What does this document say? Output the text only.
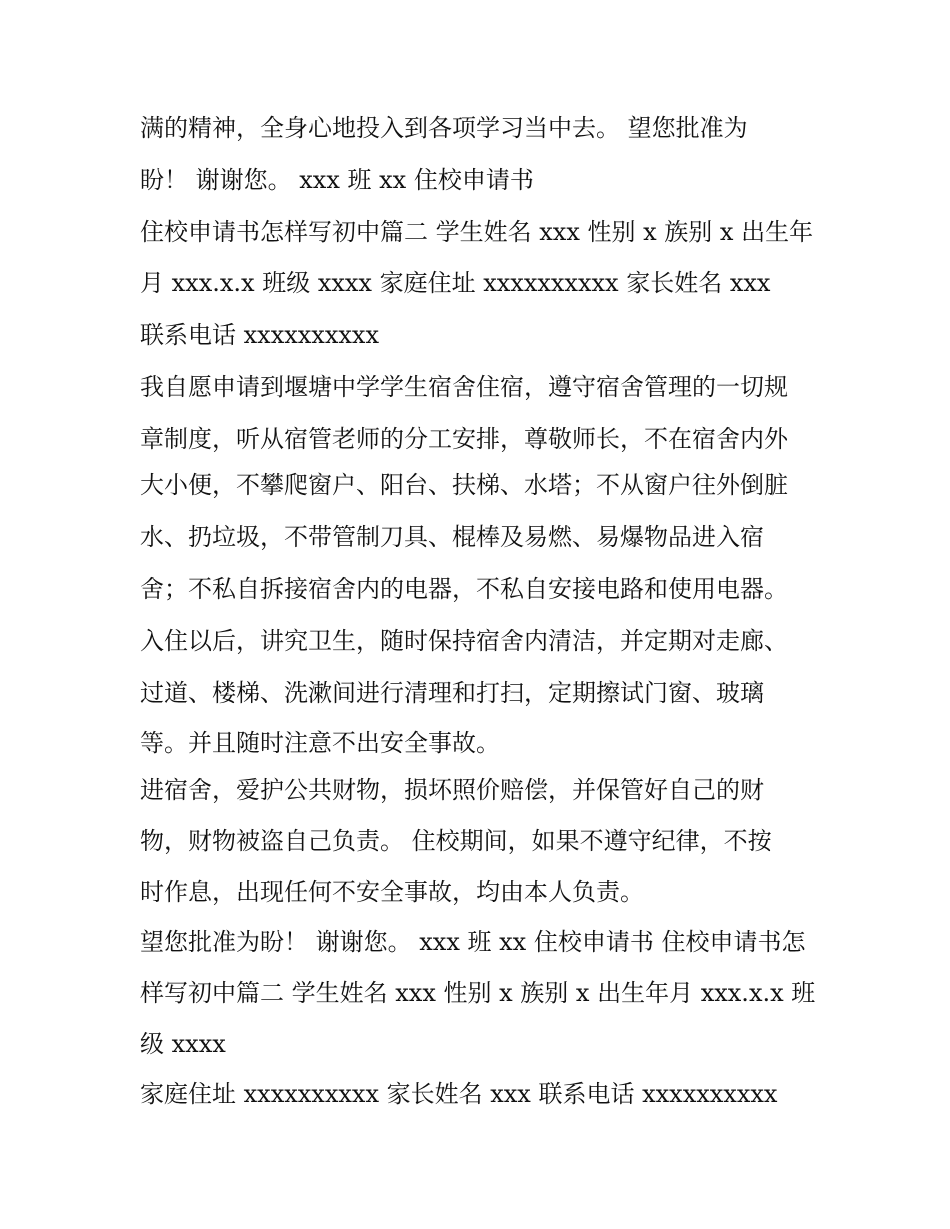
满的精神，全身心地投入到各项学习当中去。 望您批准为
盼！ 谢谢您。 xxx 班 xx 住校申请书
住校申请书怎样写初中篇二 学生姓名 xxx 性别 x 族别 x 出生年
月 xxx.x.x 班级 xxxx 家庭住址 xxxxxxxxxx 家长姓名 xxx
联系电话 xxxxxxxxxx
我自愿申请到堰塘中学学生宿舍住宿，遵守宿舍管理的一切规
章制度，听从宿管老师的分工安排，尊敬师长，不在宿舍内外
大小便，不攀爬窗户、阳台、扶梯、水塔；不从窗户往外倒脏
水、扔垃圾，不带管制刀具、棍棒及易燃、易爆物品进入宿
舍；不私自拆接宿舍内的电器，不私自安接电路和使用电器。
入住以后，讲究卫生，随时保持宿舍内清洁，并定期对走廊、
过道、楼梯、洗漱间进行清理和打扫，定期擦试门窗、玻璃
等。并且随时注意不出安全事故。
进宿舍，爱护公共财物，损坏照价赔偿，并保管好自己的财
物，财物被盗自己负责。 住校期间，如果不遵守纪律，不按
时作息，出现任何不安全事故，均由本人负责。
望您批准为盼！ 谢谢您。 xxx 班 xx 住校申请书 住校申请书怎
样写初中篇二 学生姓名 xxx 性别 x 族别 x 出生年月 xxx.x.x 班
级 xxxx
家庭住址 xxxxxxxxxx 家长姓名 xxx 联系电话 xxxxxxxxxx
